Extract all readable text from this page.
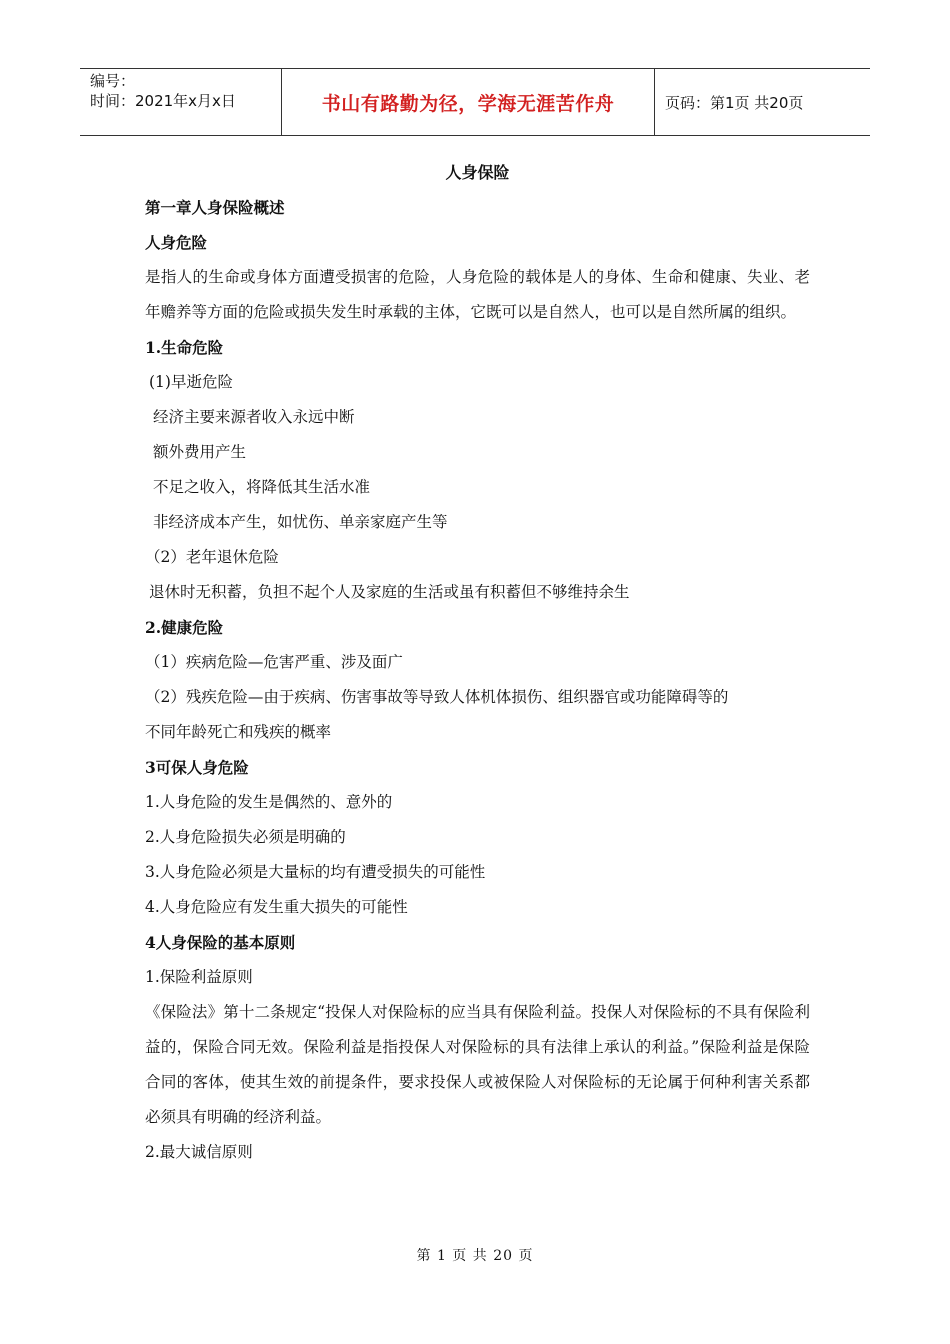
编号：
时间：2021年x月x日	书山有路勤为径，学海无涯苦作舟	页码：第1页 共20页

人身保险

第一章人身保险概述

人身危险

是指人的生命或身体方面遭受损害的危险，人身危险的载体是人的身体、生命和健康、失业、老年赡养等方面的危险或损失发生时承载的主体，它既可以是自然人，也可以是自然所属的组织。

1.生命危险

(1)早逝危险

经济主要来源者收入永远中断

额外费用产生

不足之收入，将降低其生活水准

非经济成本产生，如忧伤、单亲家庭产生等

（2）老年退休危险

退休时无积蓄，负担不起个人及家庭的生活或虽有积蓄但不够维持余生

2.健康危险

（1）疾病危险—危害严重、涉及面广

（2）残疾危险—由于疾病、伤害事故等导致人体机体损伤、组织器官或功能障碍等的

不同年龄死亡和残疾的概率

3可保人身危险

1.人身危险的发生是偶然的、意外的

2.人身危险损失必须是明确的

3.人身危险必须是大量标的均有遭受损失的可能性

4.人身危险应有发生重大损失的可能性

4人身保险的基本原则

1.保险利益原则

《保险法》第十二条规定“投保人对保险标的应当具有保险利益。投保人对保险标的不具有保险利益的，保险合同无效。保险利益是指投保人对保险标的具有法律上承认的利益。”保险利益是保险合同的客体，使其生效的前提条件，要求投保人或被保险人对保险标的无论属于何种利害关系都必须具有明确的经济利益。

2.最大诚信原则

第 1 页 共 20 页
